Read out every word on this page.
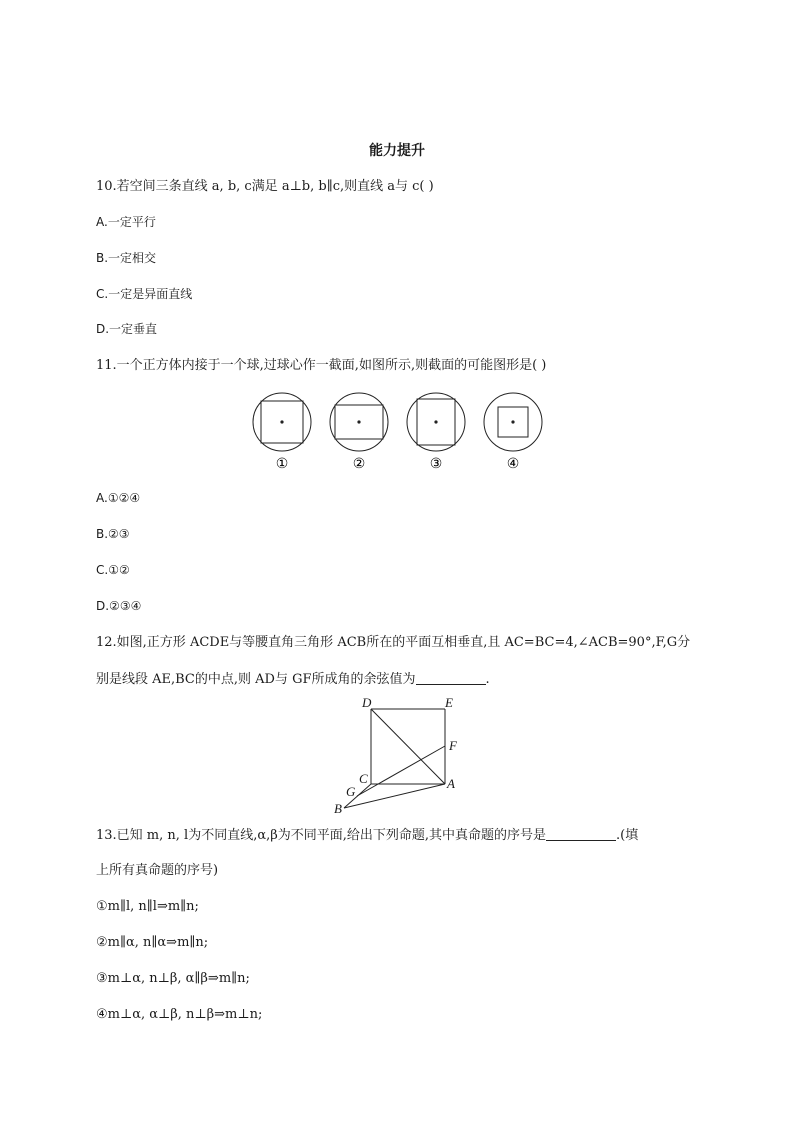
能力提升
10.若空间三条直线 a, b, c满足 a⊥b, b∥c,则直线 a与 c( )
A.一定平行
B.一定相交
C.一定是异面直线
D.一定垂直
11.一个正方体内接于一个球,过球心作一截面,如图所示,则截面的可能图形是( )
①	②	③	④
A.①②④
B.②③
C.①②
D.②③④
12.如图,正方形 ACDE与等腰直角三角形 ACB所在的平面互相垂直,且 AC=BC=4,∠ACB=90°,F,G分
别是线段 AE,BC的中点,则 AD与 GF所成角的余弦值为	.
D	E
F
C	A
G
B
13.已知 m, n, l为不同直线,α,β为不同平面,给出下列命题,其中真命题的序号是	.(填
上所有真命题的序号)
①m∥l, n∥l⇒m∥n;
②m∥α, n∥α⇒m∥n;
③m⊥α, n⊥β, α∥β⇒m∥n;
④m⊥α, α⊥β, n⊥β⇒m⊥n;
